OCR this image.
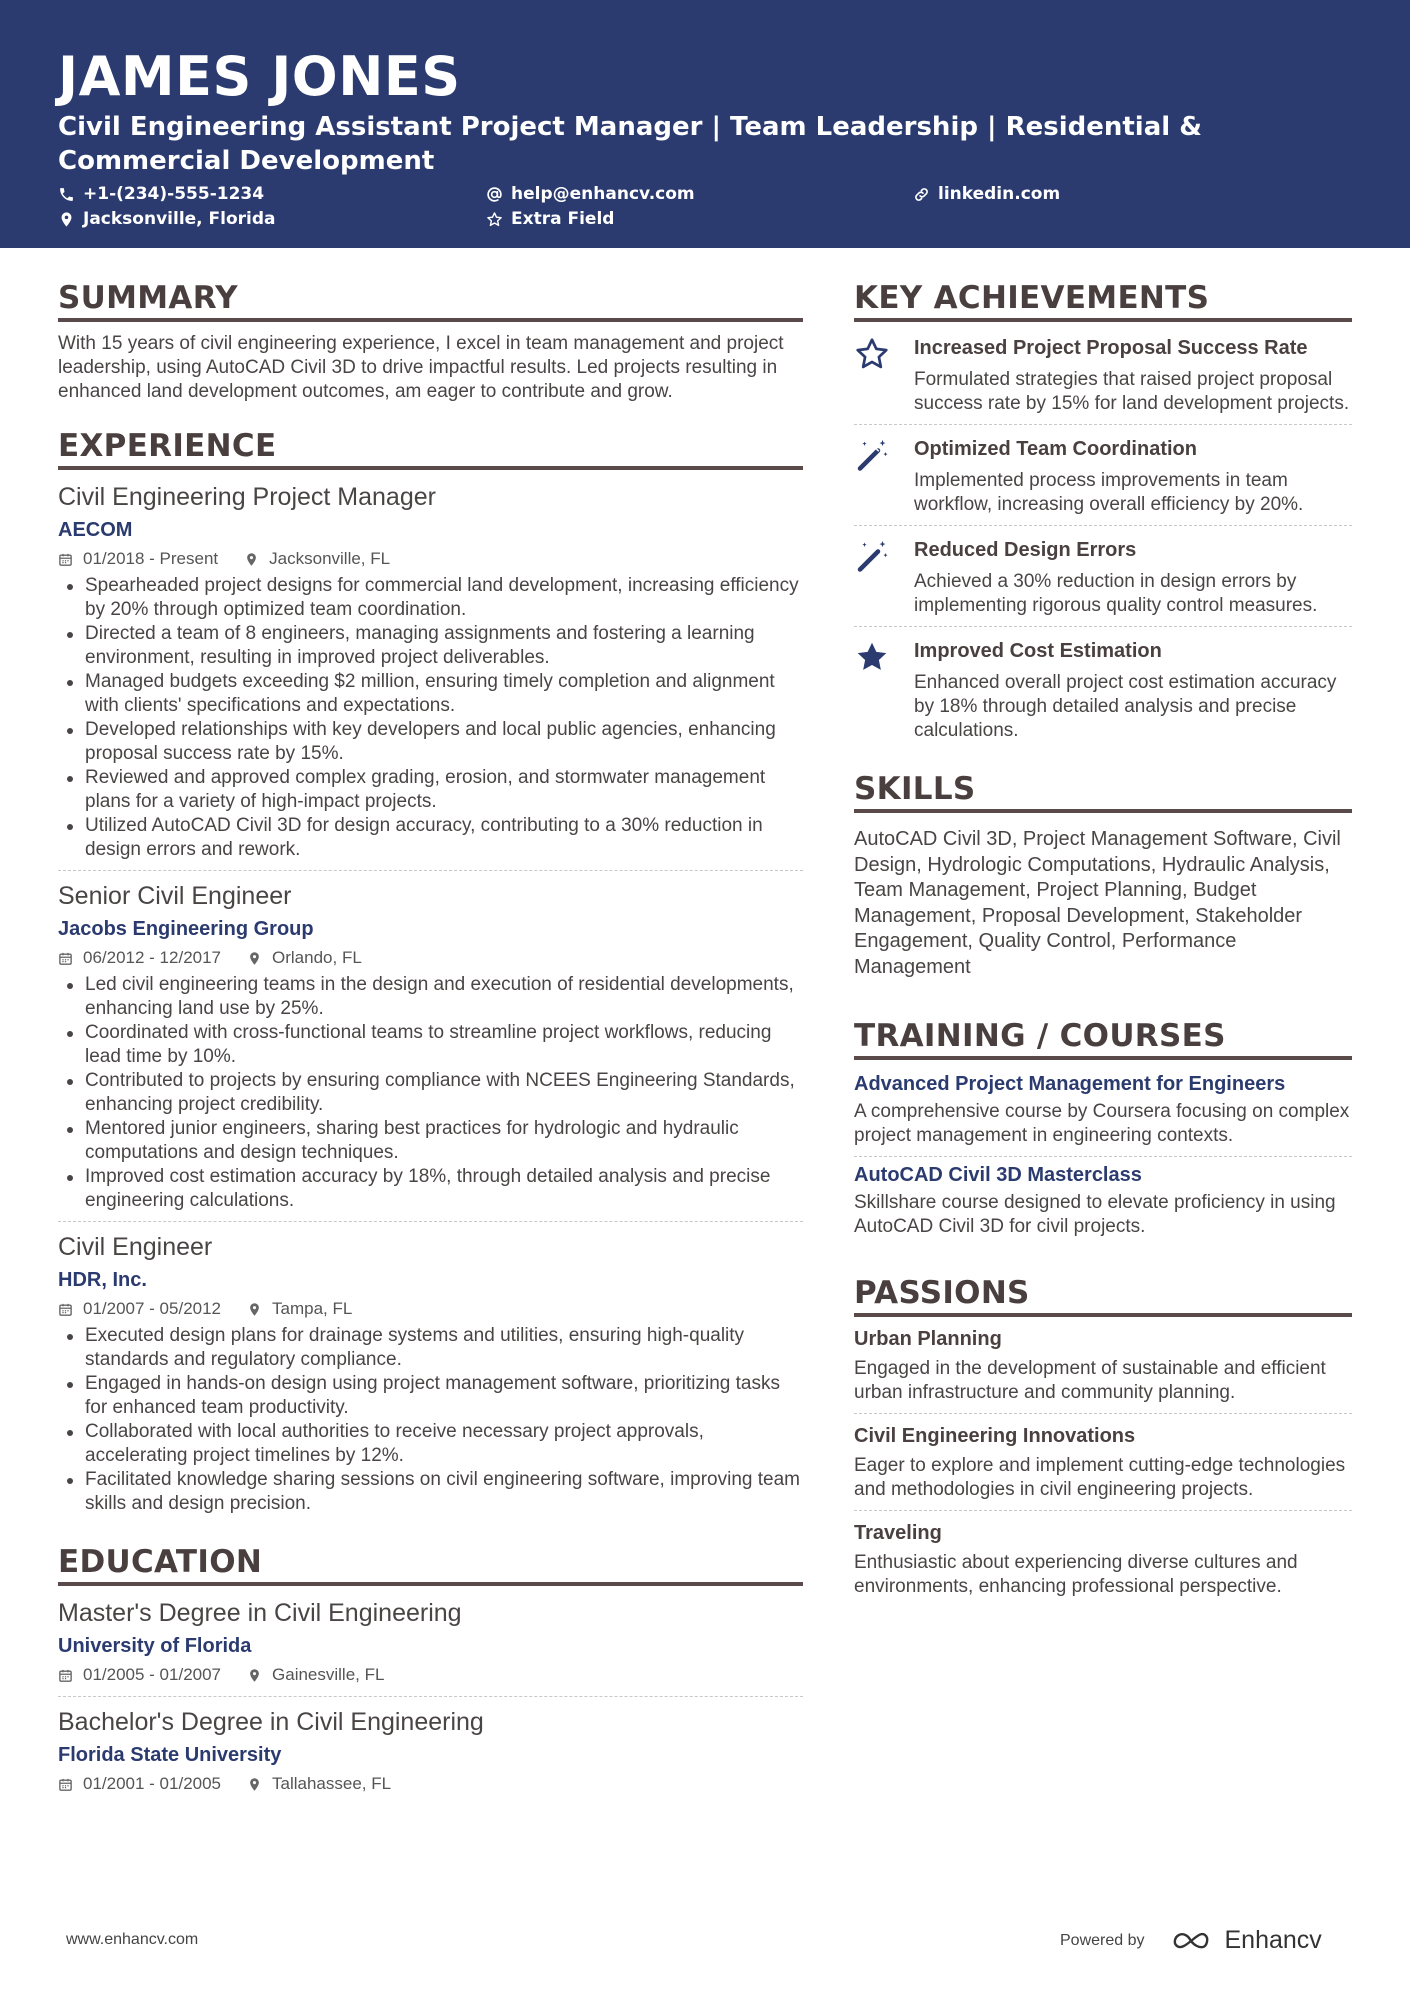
JAMES JONES
Civil Engineering Assistant Project Manager | Team Leadership | Residential & Commercial Development
+1-(234)-555-1234	help@enhancv.com	linkedin.com
Jacksonville, Florida	Extra Field
SUMMARY
With 15 years of civil engineering experience, I excel in team management and project leadership, using AutoCAD Civil 3D to drive impactful results. Led projects resulting in enhanced land development outcomes, am eager to contribute and grow.
EXPERIENCE
Civil Engineering Project Manager
AECOM
01/2018 - Present	Jacksonville, FL
Spearheaded project designs for commercial land development, increasing efficiency by 20% through optimized team coordination.
Directed a team of 8 engineers, managing assignments and fostering a learning environment, resulting in improved project deliverables.
Managed budgets exceeding $2 million, ensuring timely completion and alignment with clients' specifications and expectations.
Developed relationships with key developers and local public agencies, enhancing proposal success rate by 15%.
Reviewed and approved complex grading, erosion, and stormwater management plans for a variety of high-impact projects.
Utilized AutoCAD Civil 3D for design accuracy, contributing to a 30% reduction in design errors and rework.
Senior Civil Engineer
Jacobs Engineering Group
06/2012 - 12/2017	Orlando, FL
Led civil engineering teams in the design and execution of residential developments, enhancing land use by 25%.
Coordinated with cross-functional teams to streamline project workflows, reducing lead time by 10%.
Contributed to projects by ensuring compliance with NCEES Engineering Standards, enhancing project credibility.
Mentored junior engineers, sharing best practices for hydrologic and hydraulic computations and design techniques.
Improved cost estimation accuracy by 18%, through detailed analysis and precise engineering calculations.
Civil Engineer
HDR, Inc.
01/2007 - 05/2012	Tampa, FL
Executed design plans for drainage systems and utilities, ensuring high-quality standards and regulatory compliance.
Engaged in hands-on design using project management software, prioritizing tasks for enhanced team productivity.
Collaborated with local authorities to receive necessary project approvals, accelerating project timelines by 12%.
Facilitated knowledge sharing sessions on civil engineering software, improving team skills and design precision.
EDUCATION
Master's Degree in Civil Engineering
University of Florida
01/2005 - 01/2007	Gainesville, FL
Bachelor's Degree in Civil Engineering
Florida State University
01/2001 - 01/2005	Tallahassee, FL
KEY ACHIEVEMENTS
Increased Project Proposal Success Rate
Formulated strategies that raised project proposal success rate by 15% for land development projects.
Optimized Team Coordination
Implemented process improvements in team workflow, increasing overall efficiency by 20%.
Reduced Design Errors
Achieved a 30% reduction in design errors by implementing rigorous quality control measures.
Improved Cost Estimation
Enhanced overall project cost estimation accuracy by 18% through detailed analysis and precise calculations.
SKILLS
AutoCAD Civil 3D, Project Management Software, Civil Design, Hydrologic Computations, Hydraulic Analysis, Team Management, Project Planning, Budget Management, Proposal Development, Stakeholder Engagement, Quality Control, Performance Management
TRAINING / COURSES
Advanced Project Management for Engineers
A comprehensive course by Coursera focusing on complex project management in engineering contexts.
AutoCAD Civil 3D Masterclass
Skillshare course designed to elevate proficiency in using AutoCAD Civil 3D for civil projects.
PASSIONS
Urban Planning
Engaged in the development of sustainable and efficient urban infrastructure and community planning.
Civil Engineering Innovations
Eager to explore and implement cutting-edge technologies and methodologies in civil engineering projects.
Traveling
Enthusiastic about experiencing diverse cultures and environments, enhancing professional perspective.
www.enhancv.com	Powered by	Enhancv
